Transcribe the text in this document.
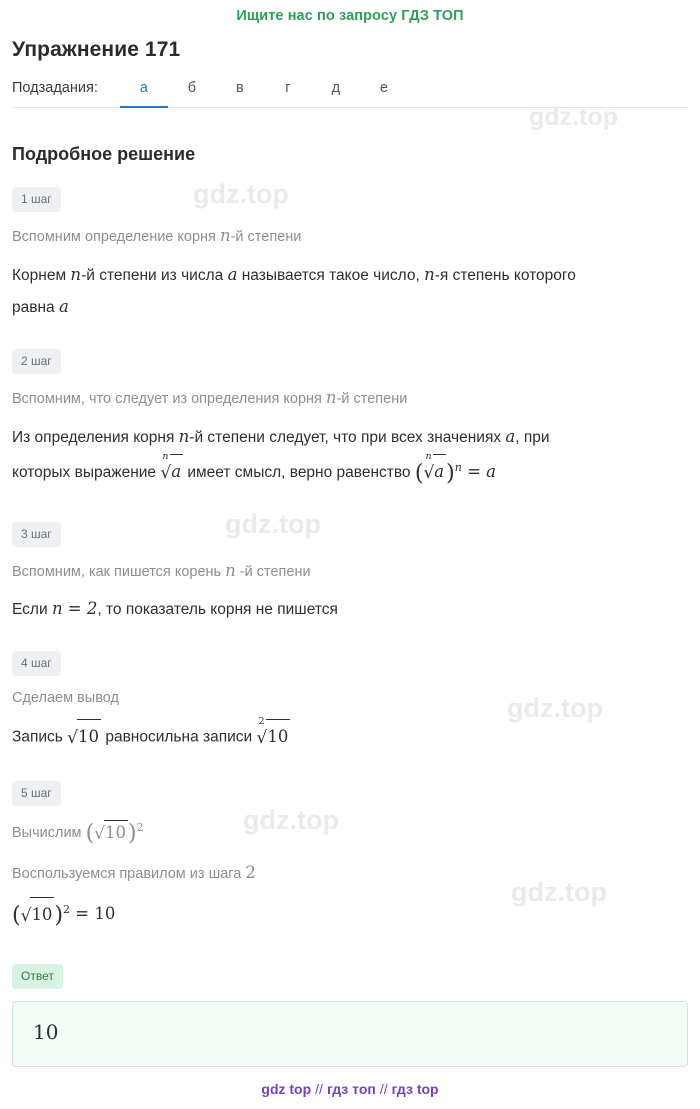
Ищите нас по запросу ГДЗ ТОП
Упражнение 171
Подзадания:	а	б	в	г	д	е
Подробное решение
1 шаг
Вспомним определение корня n-й степени
Корнем n-й степени из числа a называется такое число, n-я степень которого
равна a
2 шаг
Вспомним, что следует из определения корня n-й степени
Из определения корня n-й степени следует, что при всех значениях a, при
которых выражение
n
√a имеет смысл, верно равенство (
n
√a)$^n$ = a
3 шаг
Вспомним, как пишется корень n -й степени
Если n = 2, то показатель корня не пишется
4 шаг
Сделаем вывод
Запись √10 равносильна записи
2
√10
5 шаг
Вычислим $(√10)^2$
Воспользуемся правилом из шага 2
$(√10)^2 = 10$
Ответ
10
gdz top // гдз топ // гдз top
gdz.top
gdz.top
gdz.top
gdz.top
gdz.top
gdz.top
